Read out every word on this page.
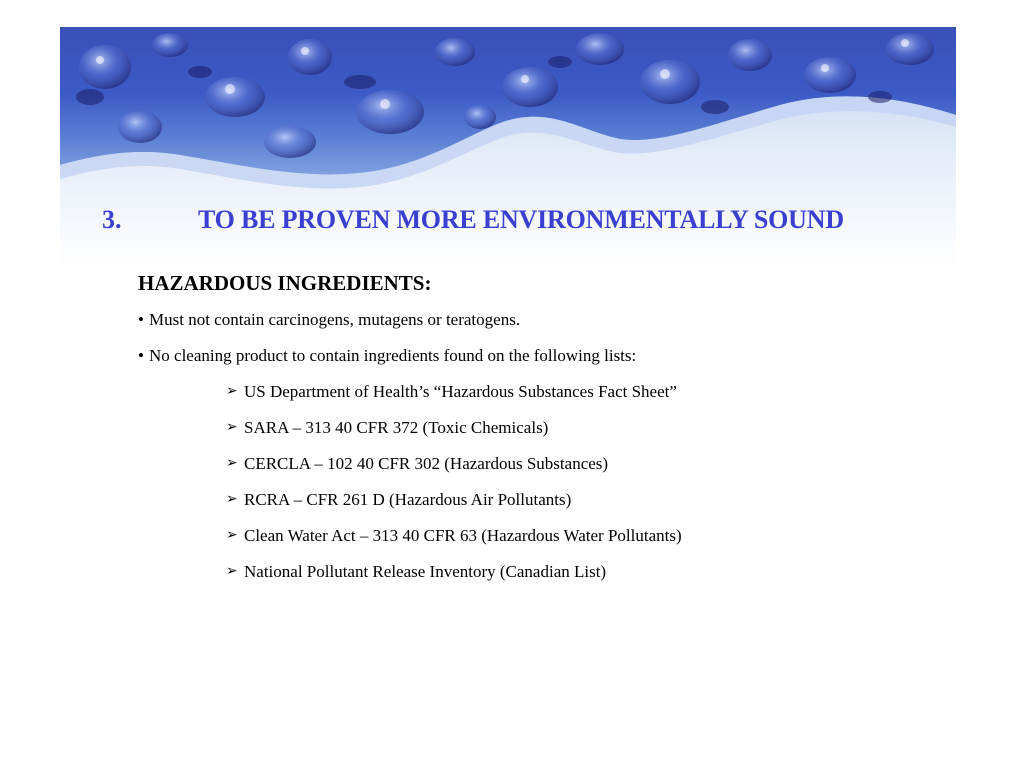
3.	TO BE PROVEN MORE ENVIRONMENTALLY SOUND
HAZARDOUS INGREDIENTS:
• Must not contain carcinogens, mutagens or teratogens.
• No cleaning product to contain ingredients found on the following lists:
➢ US Department of Health’s “Hazardous Substances Fact Sheet”
➢ SARA – 313 40 CFR 372 (Toxic Chemicals)
➢ CERCLA – 102 40 CFR 302 (Hazardous Substances)
➢ RCRA – CFR 261 D (Hazardous Air Pollutants)
➢ Clean Water Act – 313 40 CFR 63 (Hazardous Water Pollutants)
➢ National Pollutant Release Inventory (Canadian List)
